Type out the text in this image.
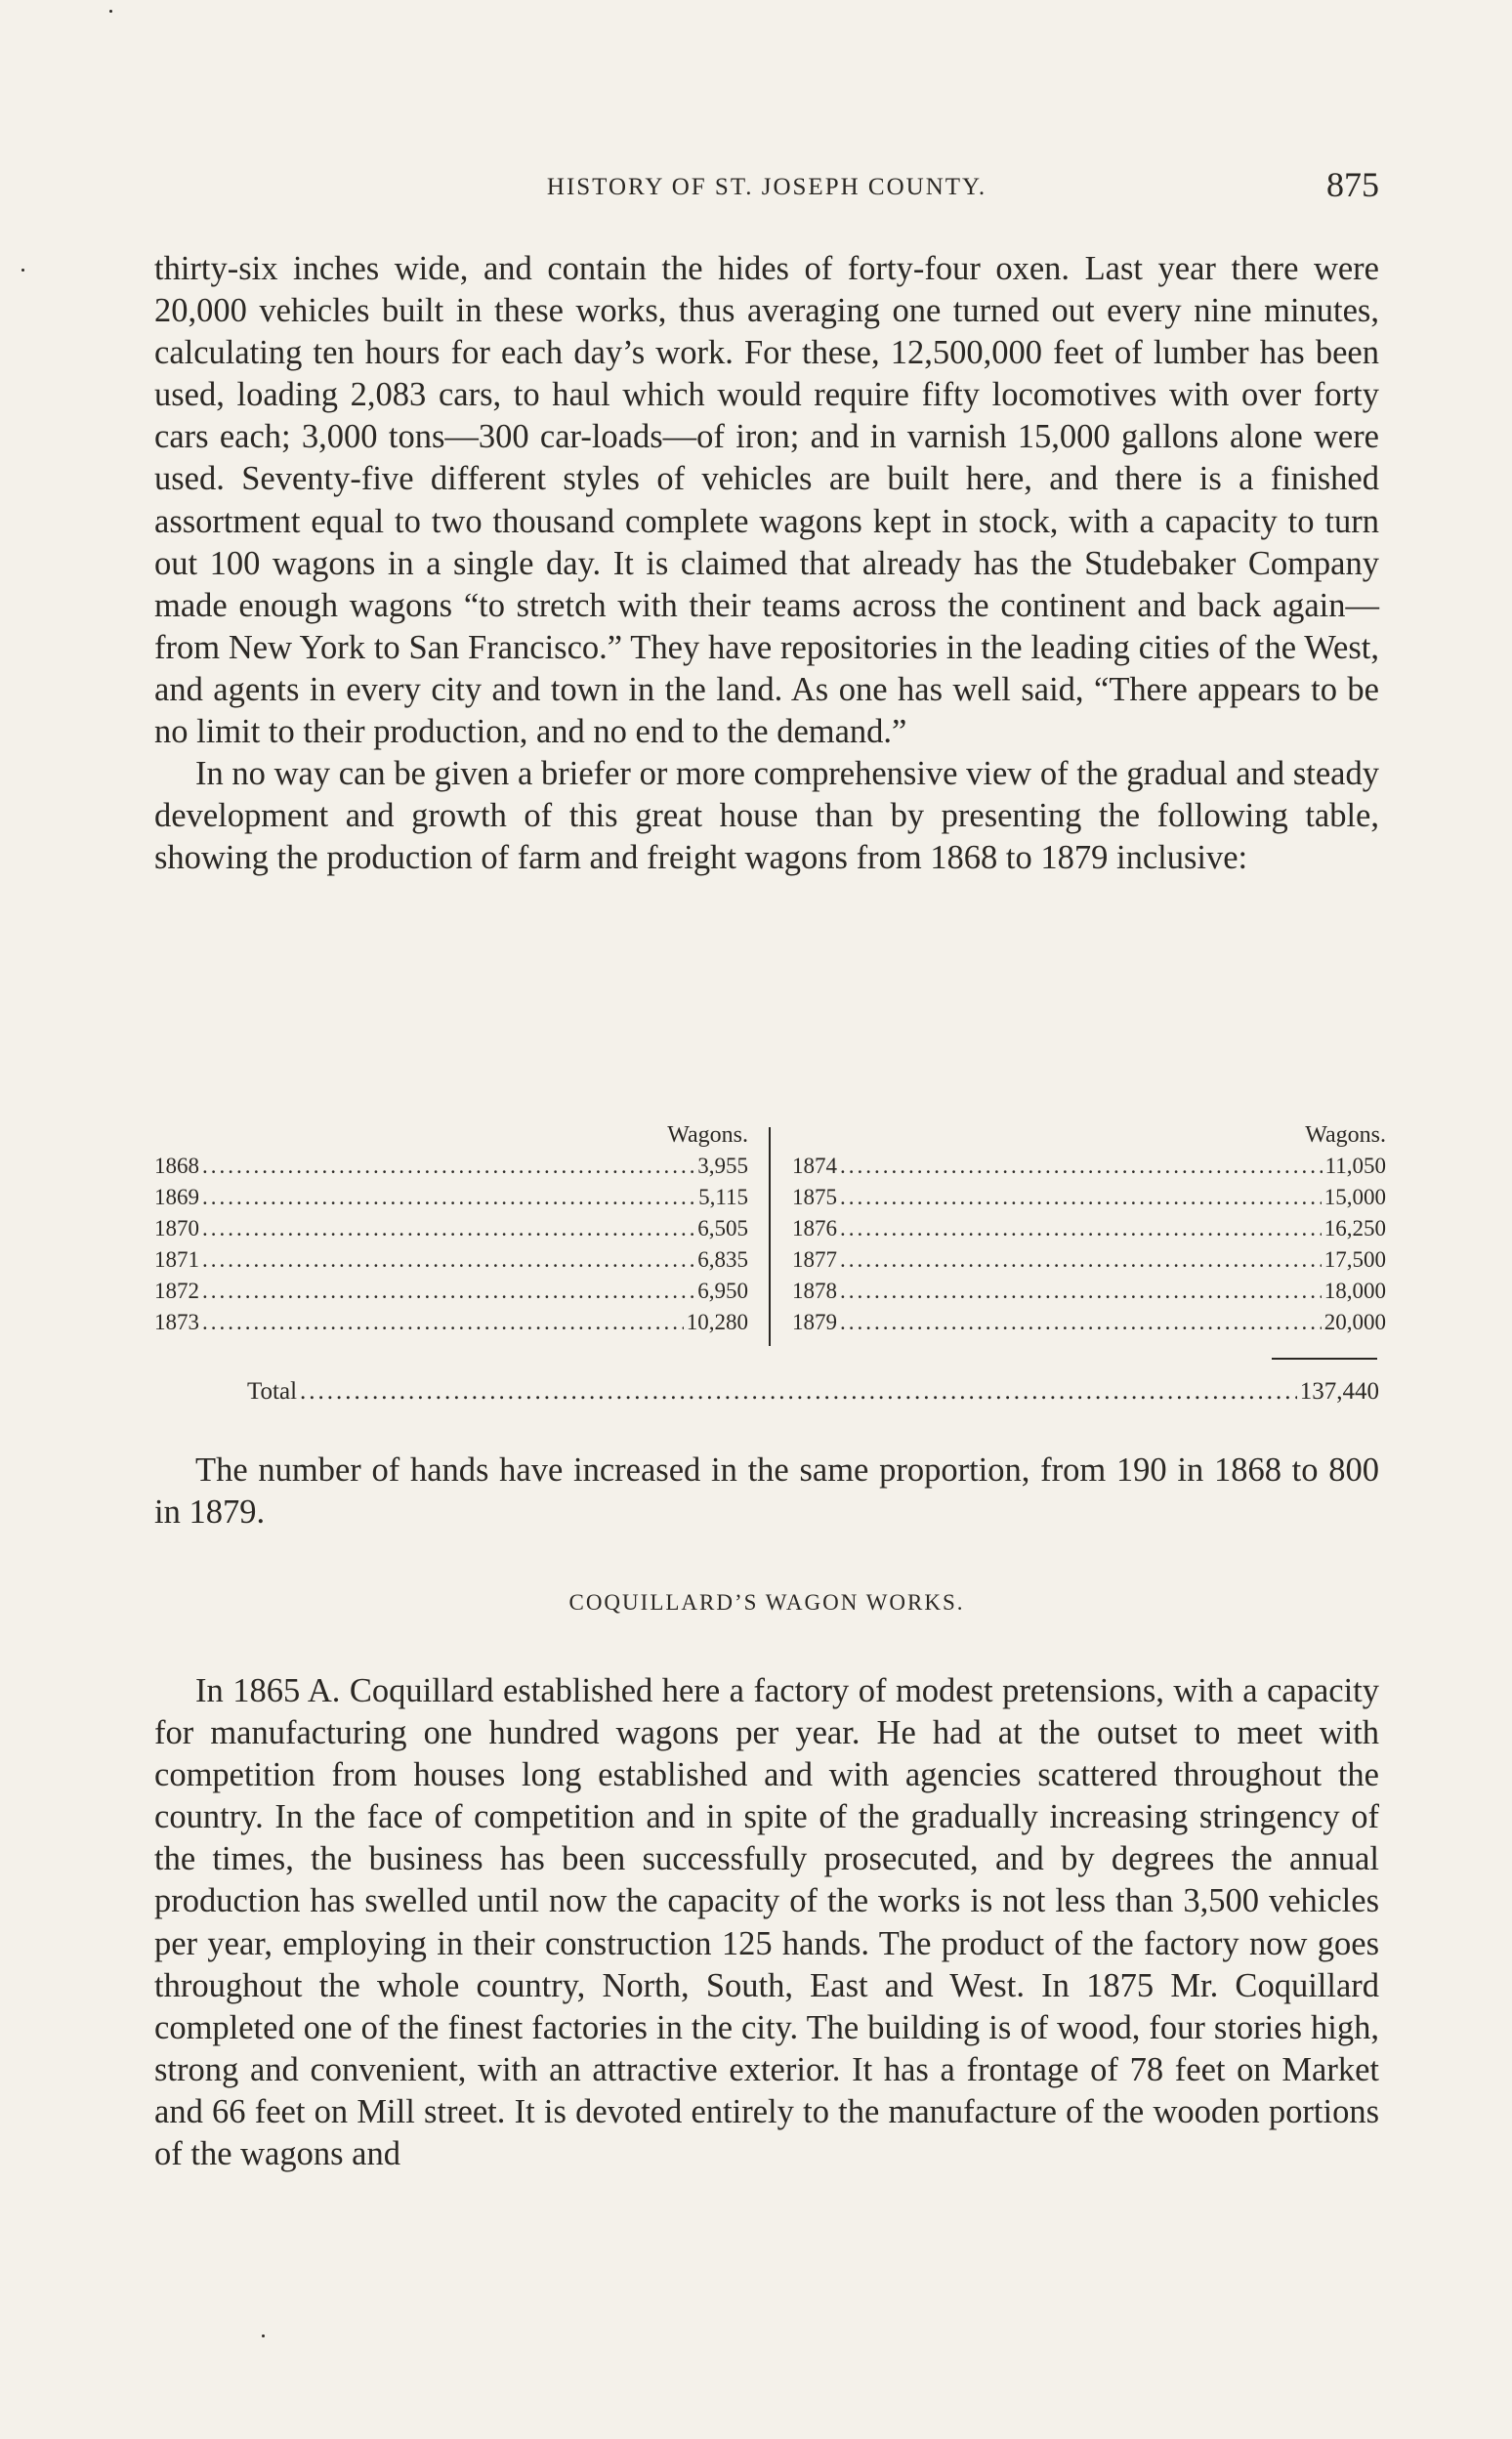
HISTORY OF ST. JOSEPH COUNTY.	875

thirty-six inches wide, and contain the hides of forty-four oxen. Last year there were 20,000 vehicles built in these works, thus averaging one turned out every nine minutes, calculating ten hours for each day’s work. For these, 12,500,000 feet of lumber has been used, loading 2,083 cars, to haul which would require fifty locomotives with over forty cars each; 3,000 tons—300 car-loads—of iron; and in varnish 15,000 gallons alone were used. Seventy-five different styles of vehicles are built here, and there is a finished assortment equal to two thousand complete wagons kept in stock, with a capacity to turn out 100 wagons in a single day. It is claimed that already has the Studebaker Company made enough wagons “to stretch with their teams across the continent and back again—from New York to San Francisco.” They have repositories in the leading cities of the West, and agents in every city and town in the land. As one has well said, “There appears to be no limit to their production, and no end to the demand.”

In no way can be given a briefer or more comprehensive view of the gradual and steady development and growth of this great house than by presenting the following table, showing the production of farm and freight wagons from 1868 to 1879 inclusive:

Wagons.
1868 .....	3,955
1869 .....	5,115
1870 .....	6,505
1871 .....	6,835
1872 .....	6,950
1873 .....	10,280
Wagons.
1874 .....	11,050
1875 .....	15,000
1876 .....	16,250
1877 .....	17,500
1878 .....	18,000
1879 .....	20,000
Total .....	137,440

The number of hands have increased in the same proportion, from 190 in 1868 to 800 in 1879.

COQUILLARD’S WAGON WORKS.

In 1865 A. Coquillard established here a factory of modest pretensions, with a capacity for manufacturing one hundred wagons per year. He had at the outset to meet with competition from houses long established and with agencies scattered throughout the country. In the face of competition and in spite of the gradually increasing stringency of the times, the business has been successfully prosecuted, and by degrees the annual production has swelled until now the capacity of the works is not less than 3,500 vehicles per year, employing in their construction 125 hands. The product of the factory now goes throughout the whole country, North, South, East and West. In 1875 Mr. Coquillard completed one of the finest factories in the city. The building is of wood, four stories high, strong and convenient, with an attractive exterior. It has a frontage of 78 feet on Market and 66 feet on Mill street. It is devoted entirely to the manufacture of the wooden portions of the wagons and
